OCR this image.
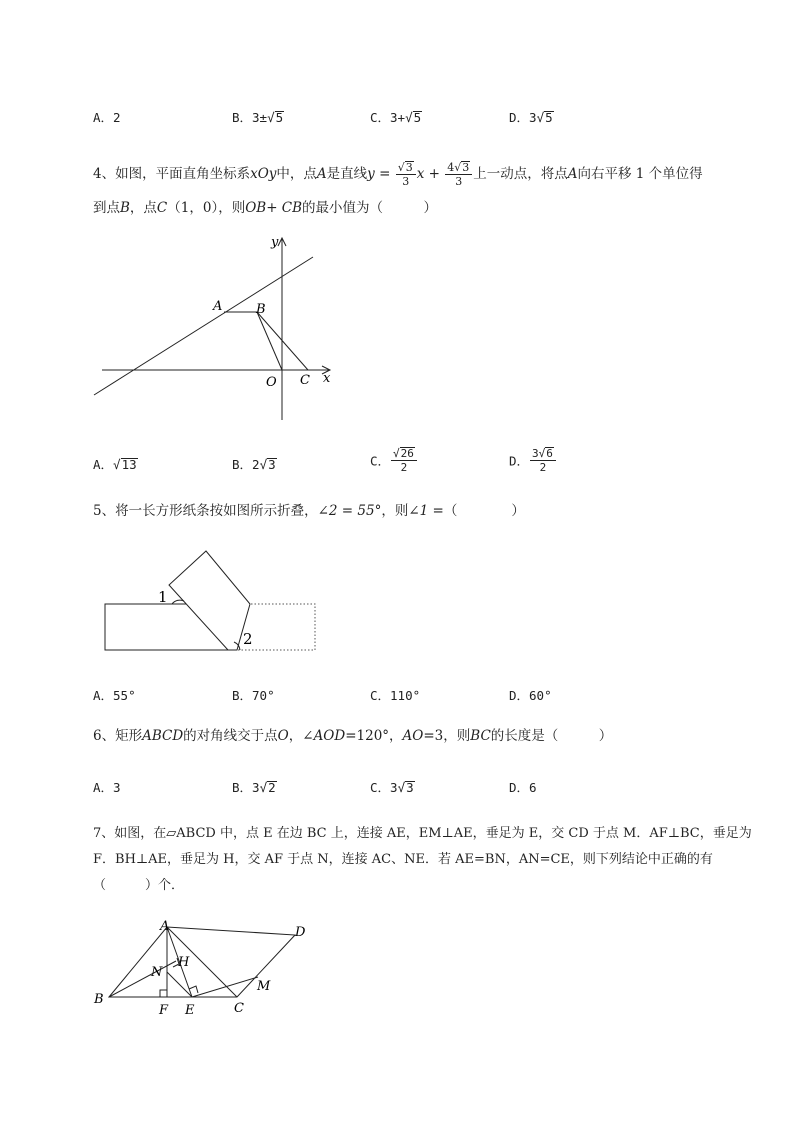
A．2	B．3±√5	C．3+√5	D．3√5
4、如图，平面直角坐标系xOy中，点A是直线$y = \frac{√3}{3}$ $x + \frac{4√3}{3}$ 上一动点，将点A向右平移 1 个单位得
到点B，点C（1，0），则OB+ CB的最小值为（　　　）
y
x
A	B
O C
A．√13	B．2√3	C． $\frac{√26}{2}$	D． $\frac{3√6}{2}$
5、将一长方形纸条按如图所示折叠，∠2 = 55°，则∠1 =（　　　　）
1
2
A．55°	B．70°	C．110°	D．60°
6、矩形ABCD的对角线交于点O，∠AOD=120°，AO=3，则BC的长度是（　　　）
A．3	B．3√2	C．3√3	D．6
7、如图，在▱ABCD 中，点 E 在边 BC 上，连接 AE，EM⊥AE，垂足为 E，交 CD 于点 M．AF⊥BC，垂足为
F．BH⊥AE，垂足为 H，交 AF 于点 N，连接 AC、NE．若 AE=BN，AN=CE，则下列结论中正确的有
（　　　）个．
A	D
N
H
M
B
F E	C
